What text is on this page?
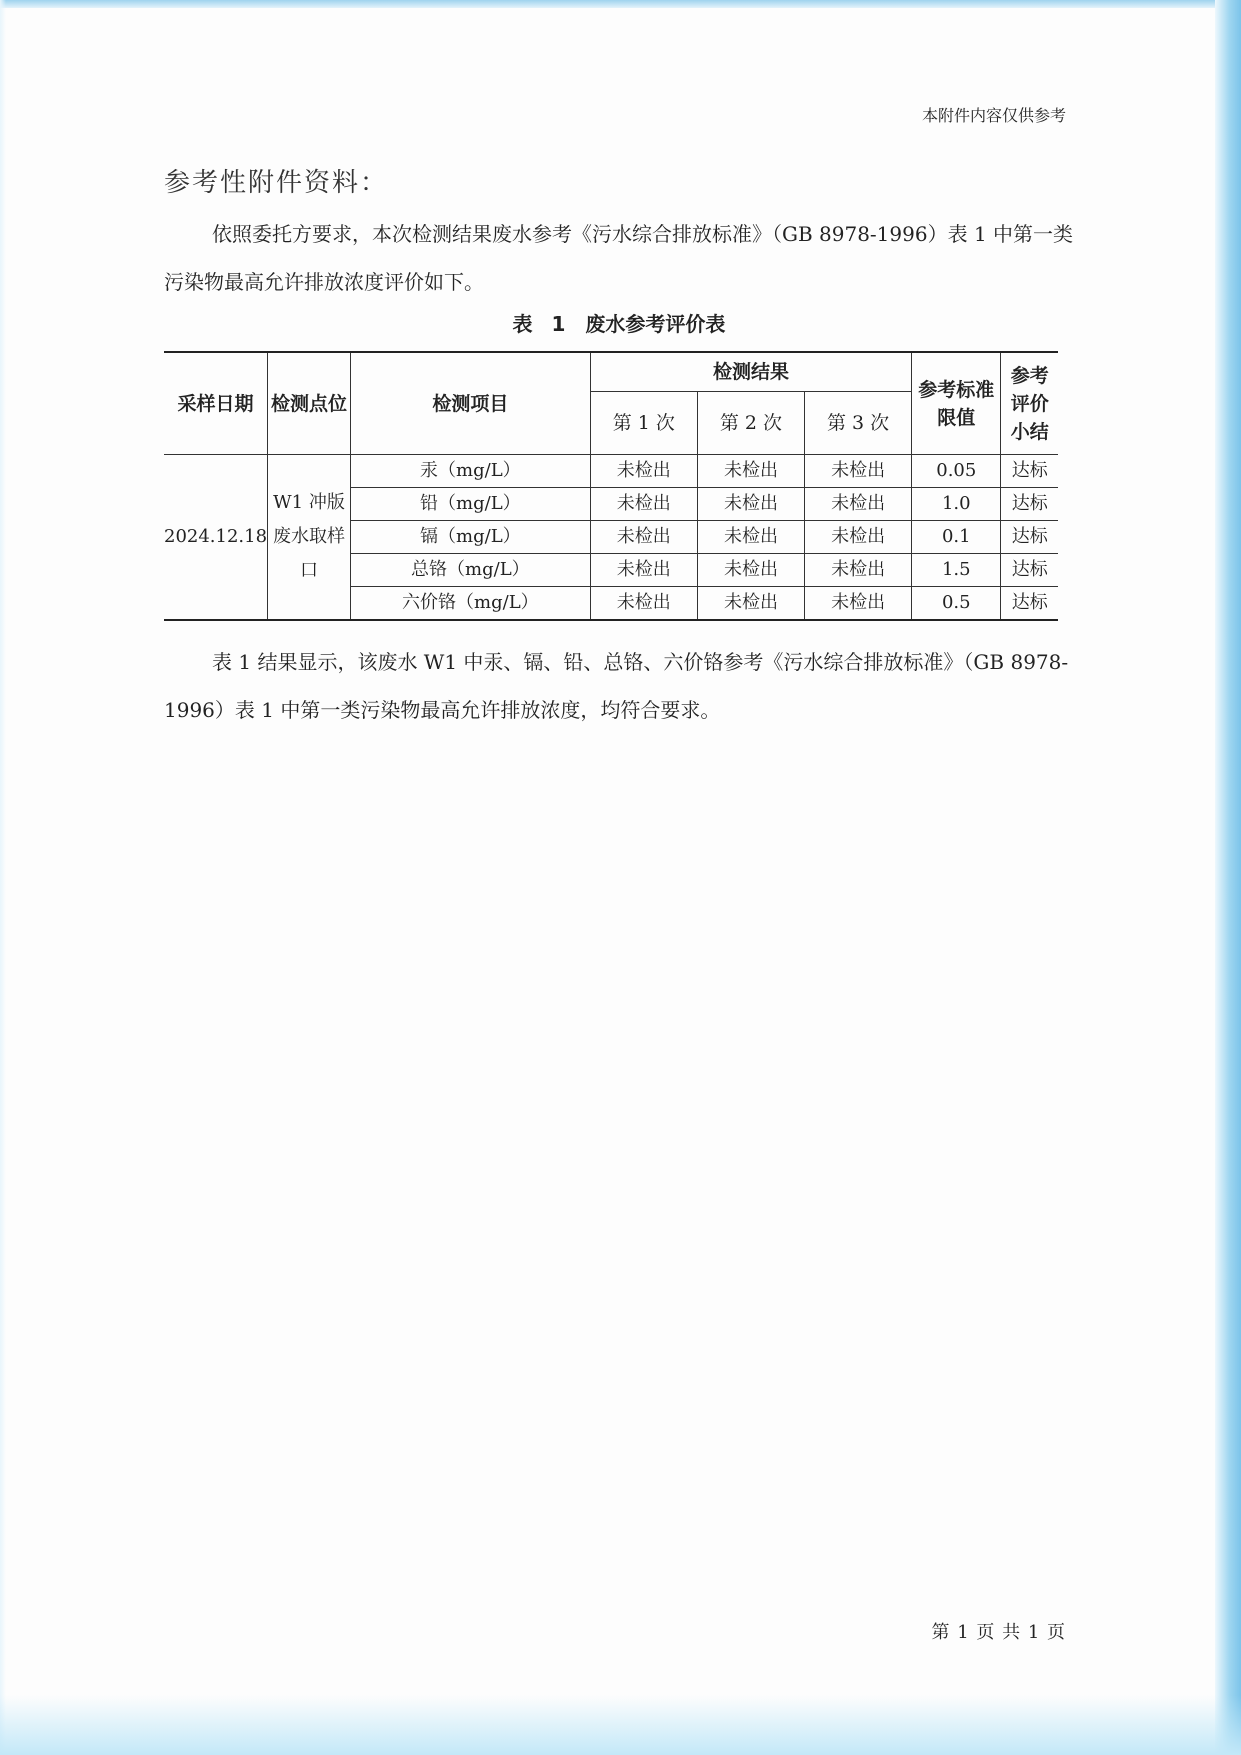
本附件内容仅供参考
参考性附件资料：

依照委托方要求，本次检测结果废水参考《污水综合排放标准》（GB 8978-1996）表 1 中第一类污染物最高允许排放浓度评价如下。

表 1　废水参考评价表
采样日期	检测点位	检测项目	检测结果			参考标准限值	参考评价小结
			第 1 次	第 2 次	第 3 次		
2024.12.18	W1 冲版废水取样口	汞（mg/L）	未检出	未检出	未检出	0.05	达标
		铅（mg/L）	未检出	未检出	未检出	1.0	达标
		镉（mg/L）	未检出	未检出	未检出	0.1	达标
		总铬（mg/L）	未检出	未检出	未检出	1.5	达标
		六价铬（mg/L）	未检出	未检出	未检出	0.5	达标

表 1 结果显示，该废水 W1 中汞、镉、铅、总铬、六价铬参考《污水综合排放标准》（GB 8978-1996）表 1 中第一类污染物最高允许排放浓度，均符合要求。

第 1 页 共 1 页
